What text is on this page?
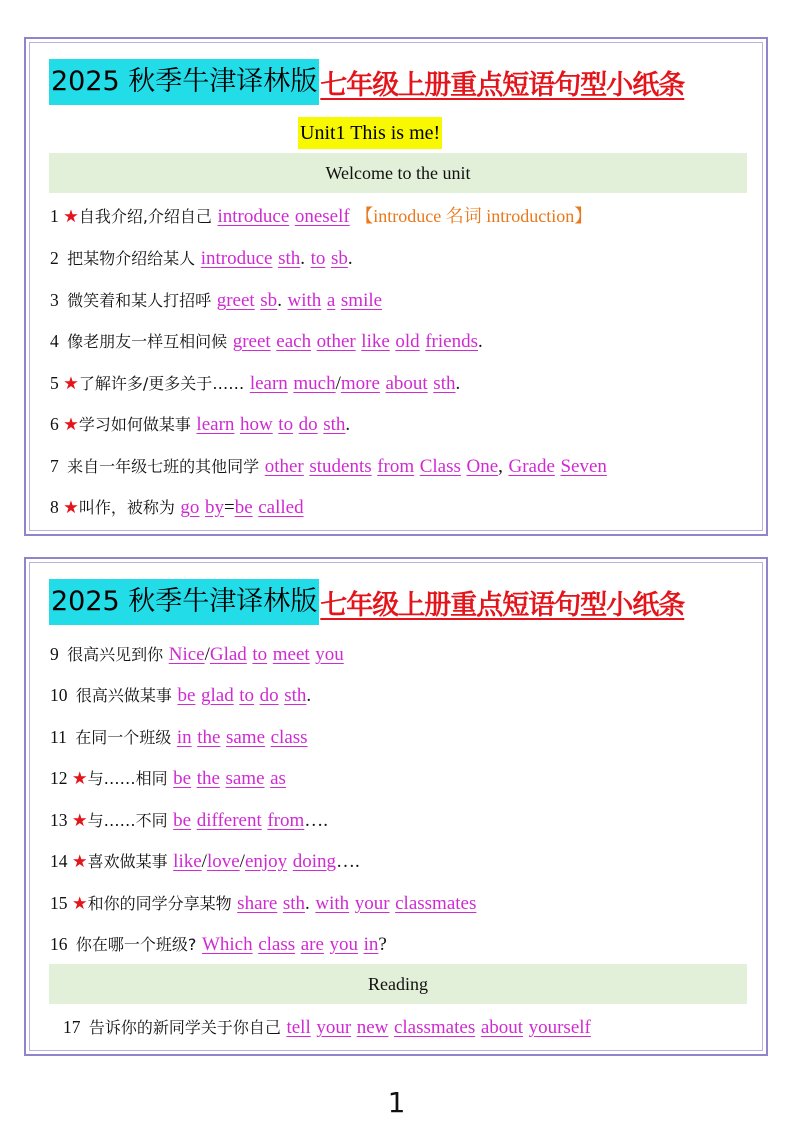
2025 秋季牛津译林版 七年级上册重点短语句型小纸条
Unit1 This is me!
Welcome to the unit
1 ★自我介绍,介绍自己 introduce oneself 【introduce 名词 introduction】
2 把某物介绍给某人 introduce sth. to sb.
3 微笑着和某人打招呼 greet sb. with a smile
4 像老朋友一样互相问候 greet each other like old friends.
5 ★了解许多/更多关于…… learn much/more about sth.
6 ★学习如何做某事 learn how to do sth.
7 来自一年级七班的其他同学 other students from Class One, Grade Seven
8 ★叫作，被称为 go by=be called
2025 秋季牛津译林版 七年级上册重点短语句型小纸条
Reading
9 很高兴见到你 Nice/Glad to meet you
10 很高兴做某事 be glad to do sth.
11 在同一个班级 in the same class
12 ★与……相同 be the same as
13 ★与……不同 be different from….
14 ★喜欢做某事 like/love/enjoy doing….
15 ★和你的同学分享某物 share sth. with your classmates
16 你在哪一个班级? Which class are you in?
17 告诉你的新同学关于你自己 tell your new classmates about yourself
1
